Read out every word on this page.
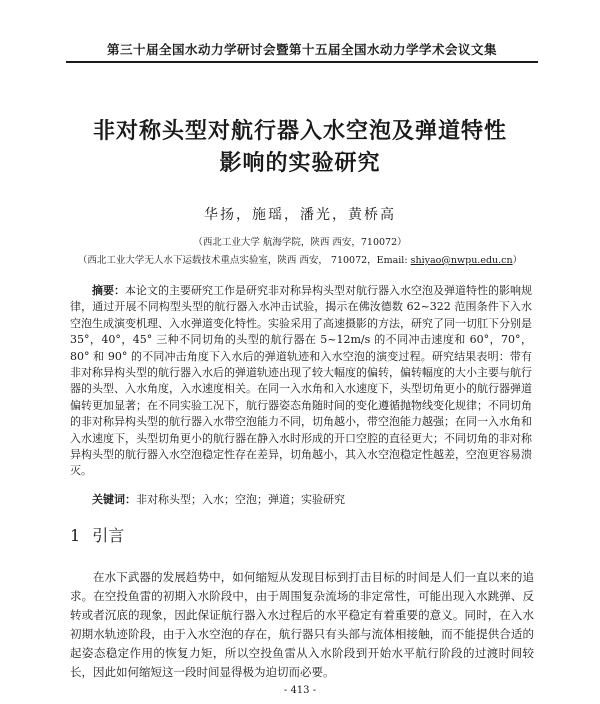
第三十届全国水动力学研讨会暨第十五届全国水动力学学术会议文集
非对称头型对航行器入水空泡及弹道特性
影响的实验研究
华扬，施瑶，潘光，黄桥高
（西北工业大学 航海学院，陕西 西安，710072）
（西北工业大学无人水下运载技术重点实验室，陕西 西安， 710072，Email: shiyao@nwpu.edu.cn）
摘要：本论文的主要研究工作是研究非对称异构头型对航行器入水空泡及弹道特性的影响规律，通过开展不同构型头型的航行器入水冲击试验，揭示在佛汝德数 62~322 范围条件下入水空泡生成演变机理、入水弹道变化特性。实验采用了高速摄影的方法，研究了同一切肛下分别是 35°，40°，45° 三种不同切角的头型的航行器在 5~12m/s 的不同冲击速度和 60°，70°，80° 和 90° 的不同冲击角度下入水后的弹道轨迹和入水空泡的演变过程。研究结果表明：带有非对称异构头型的航行器入水后的弹道轨迹出现了较大幅度的偏转，偏转幅度的大小主要与航行器的头型、入水角度，入水速度相关。在同一入水角和入水速度下，头型切角更小的航行器弹道偏转更加显著；在不同实验工况下，航行器姿态角随时间的变化遵循抛物线变化规律；不同切角的非对称异构头型的航行器入水带空泡能力不同，切角越小，带空泡能力越强；在同一入水角和入水速度下，头型切角更小的航行器在静入水时形成的开口空腔的直径更大；不同切角的非对称异构头型的航行器入水空泡稳定性存在差异，切角越小，其入水空泡稳定性越差，空泡更容易溃灭。
关键词：非对称头型；入水；空泡；弹道；实验研究
1 引言
在水下武器的发展趋势中，如何缩短从发现目标到打击目标的时间是人们一直以来的追求。在空投鱼雷的初期入水阶段中，由于周围复杂流场的非定常性，可能出现入水跳弹、反转或者沉底的现象，因此保证航行器入水过程后的水平稳定有着重要的意义。同时，在入水初期水轨迹阶段，由于入水空泡的存在，航行器只有头部与流体相接触，而不能提供合适的起姿态稳定作用的恢复力矩，所以空投鱼雷从入水阶段到开始水平航行阶段的过渡时间较长，因此如何缩短这一段时间显得极为迫切而必要。
- 413 -
